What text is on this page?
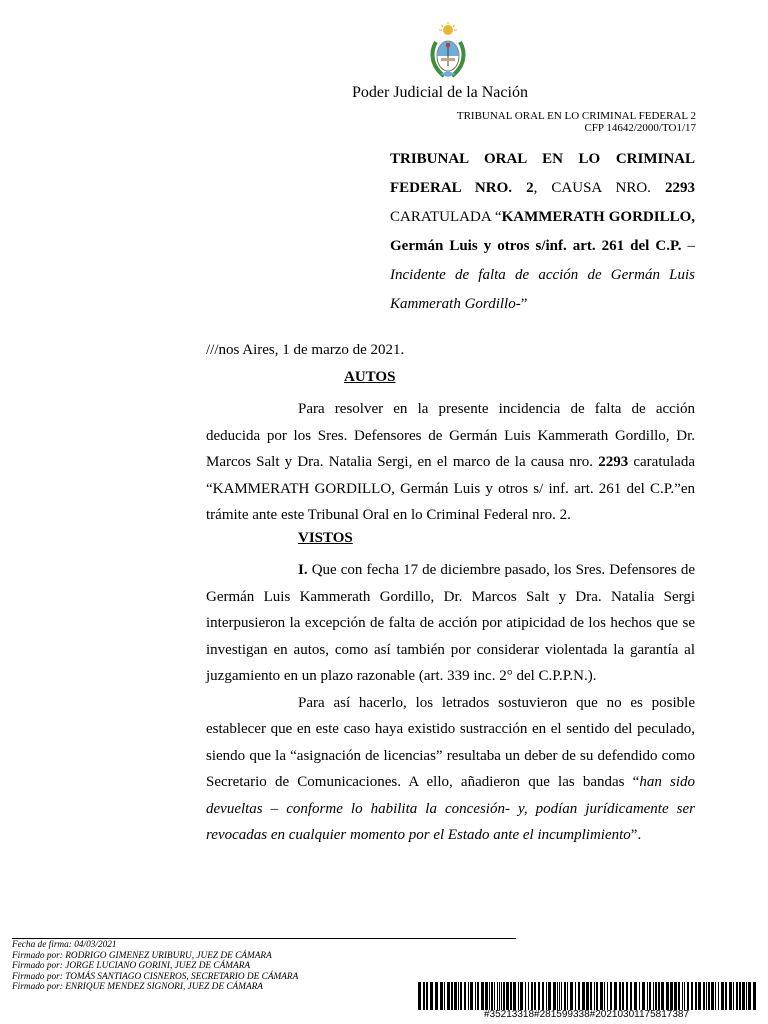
Poder Judicial de la Nación
TRIBUNAL ORAL EN LO CRIMINAL FEDERAL 2
CFP 14642/2000/TO1/17
TRIBUNAL ORAL EN LO CRIMINAL FEDERAL NRO. 2, CAUSA NRO. 2293 CARATULADA “KAMMERATH GORDILLO, Germán Luis y otros s/inf. art. 261 del C.P. –Incidente de falta de acción de Germán Luis Kammerath Gordillo-”
///nos Aires, 1 de marzo de 2021.
AUTOS

Para resolver en la presente incidencia de falta de acción deducida por los Sres. Defensores de Germán Luis Kammerath Gordillo, Dr. Marcos Salt y Dra. Natalia Sergi, en el marco de la causa nro. 2293 caratulada “KAMMERATH GORDILLO, Germán Luis y otros s/ inf. art. 261 del C.P.”en trámite ante este Tribunal Oral en lo Criminal Federal nro. 2.

VISTOS

I. Que con fecha 17 de diciembre pasado, los Sres. Defensores de Germán Luis Kammerath Gordillo, Dr. Marcos Salt y Dra. Natalia Sergi interpusieron la excepción de falta de acción por atipicidad de los hechos que se investigan en autos, como así también por considerar violentada la garantía al juzgamiento en un plazo razonable (art. 339 inc. 2° del C.P.P.N.).

Para así hacerlo, los letrados sostuvieron que no es posible establecer que en este caso haya existido sustracción en el sentido del peculado, siendo que la “asignación de licencias” resultaba un deber de su defendido como Secretario de Comunicaciones. A ello, añadieron que las bandas “han sido devueltas – conforme lo habilita la concesión- y, podían jurídicamente ser revocadas en cualquier momento por el Estado ante el incumplimiento”.

Fecha de firma: 04/03/2021
Firmado por: RODRIGO GIMENEZ URIBURU, JUEZ DE CÁMARA
Firmado por: JORGE LUCIANO GORINI, JUEZ DE CÁMARA
Firmado por: TOMÁS SANTIAGO CISNEROS, SECRETARIO DE CÁMARA
Firmado por: ENRIQUE MENDEZ SIGNORI, JUEZ DE CÁMARA
#35213318#281599338#20210301175817387
